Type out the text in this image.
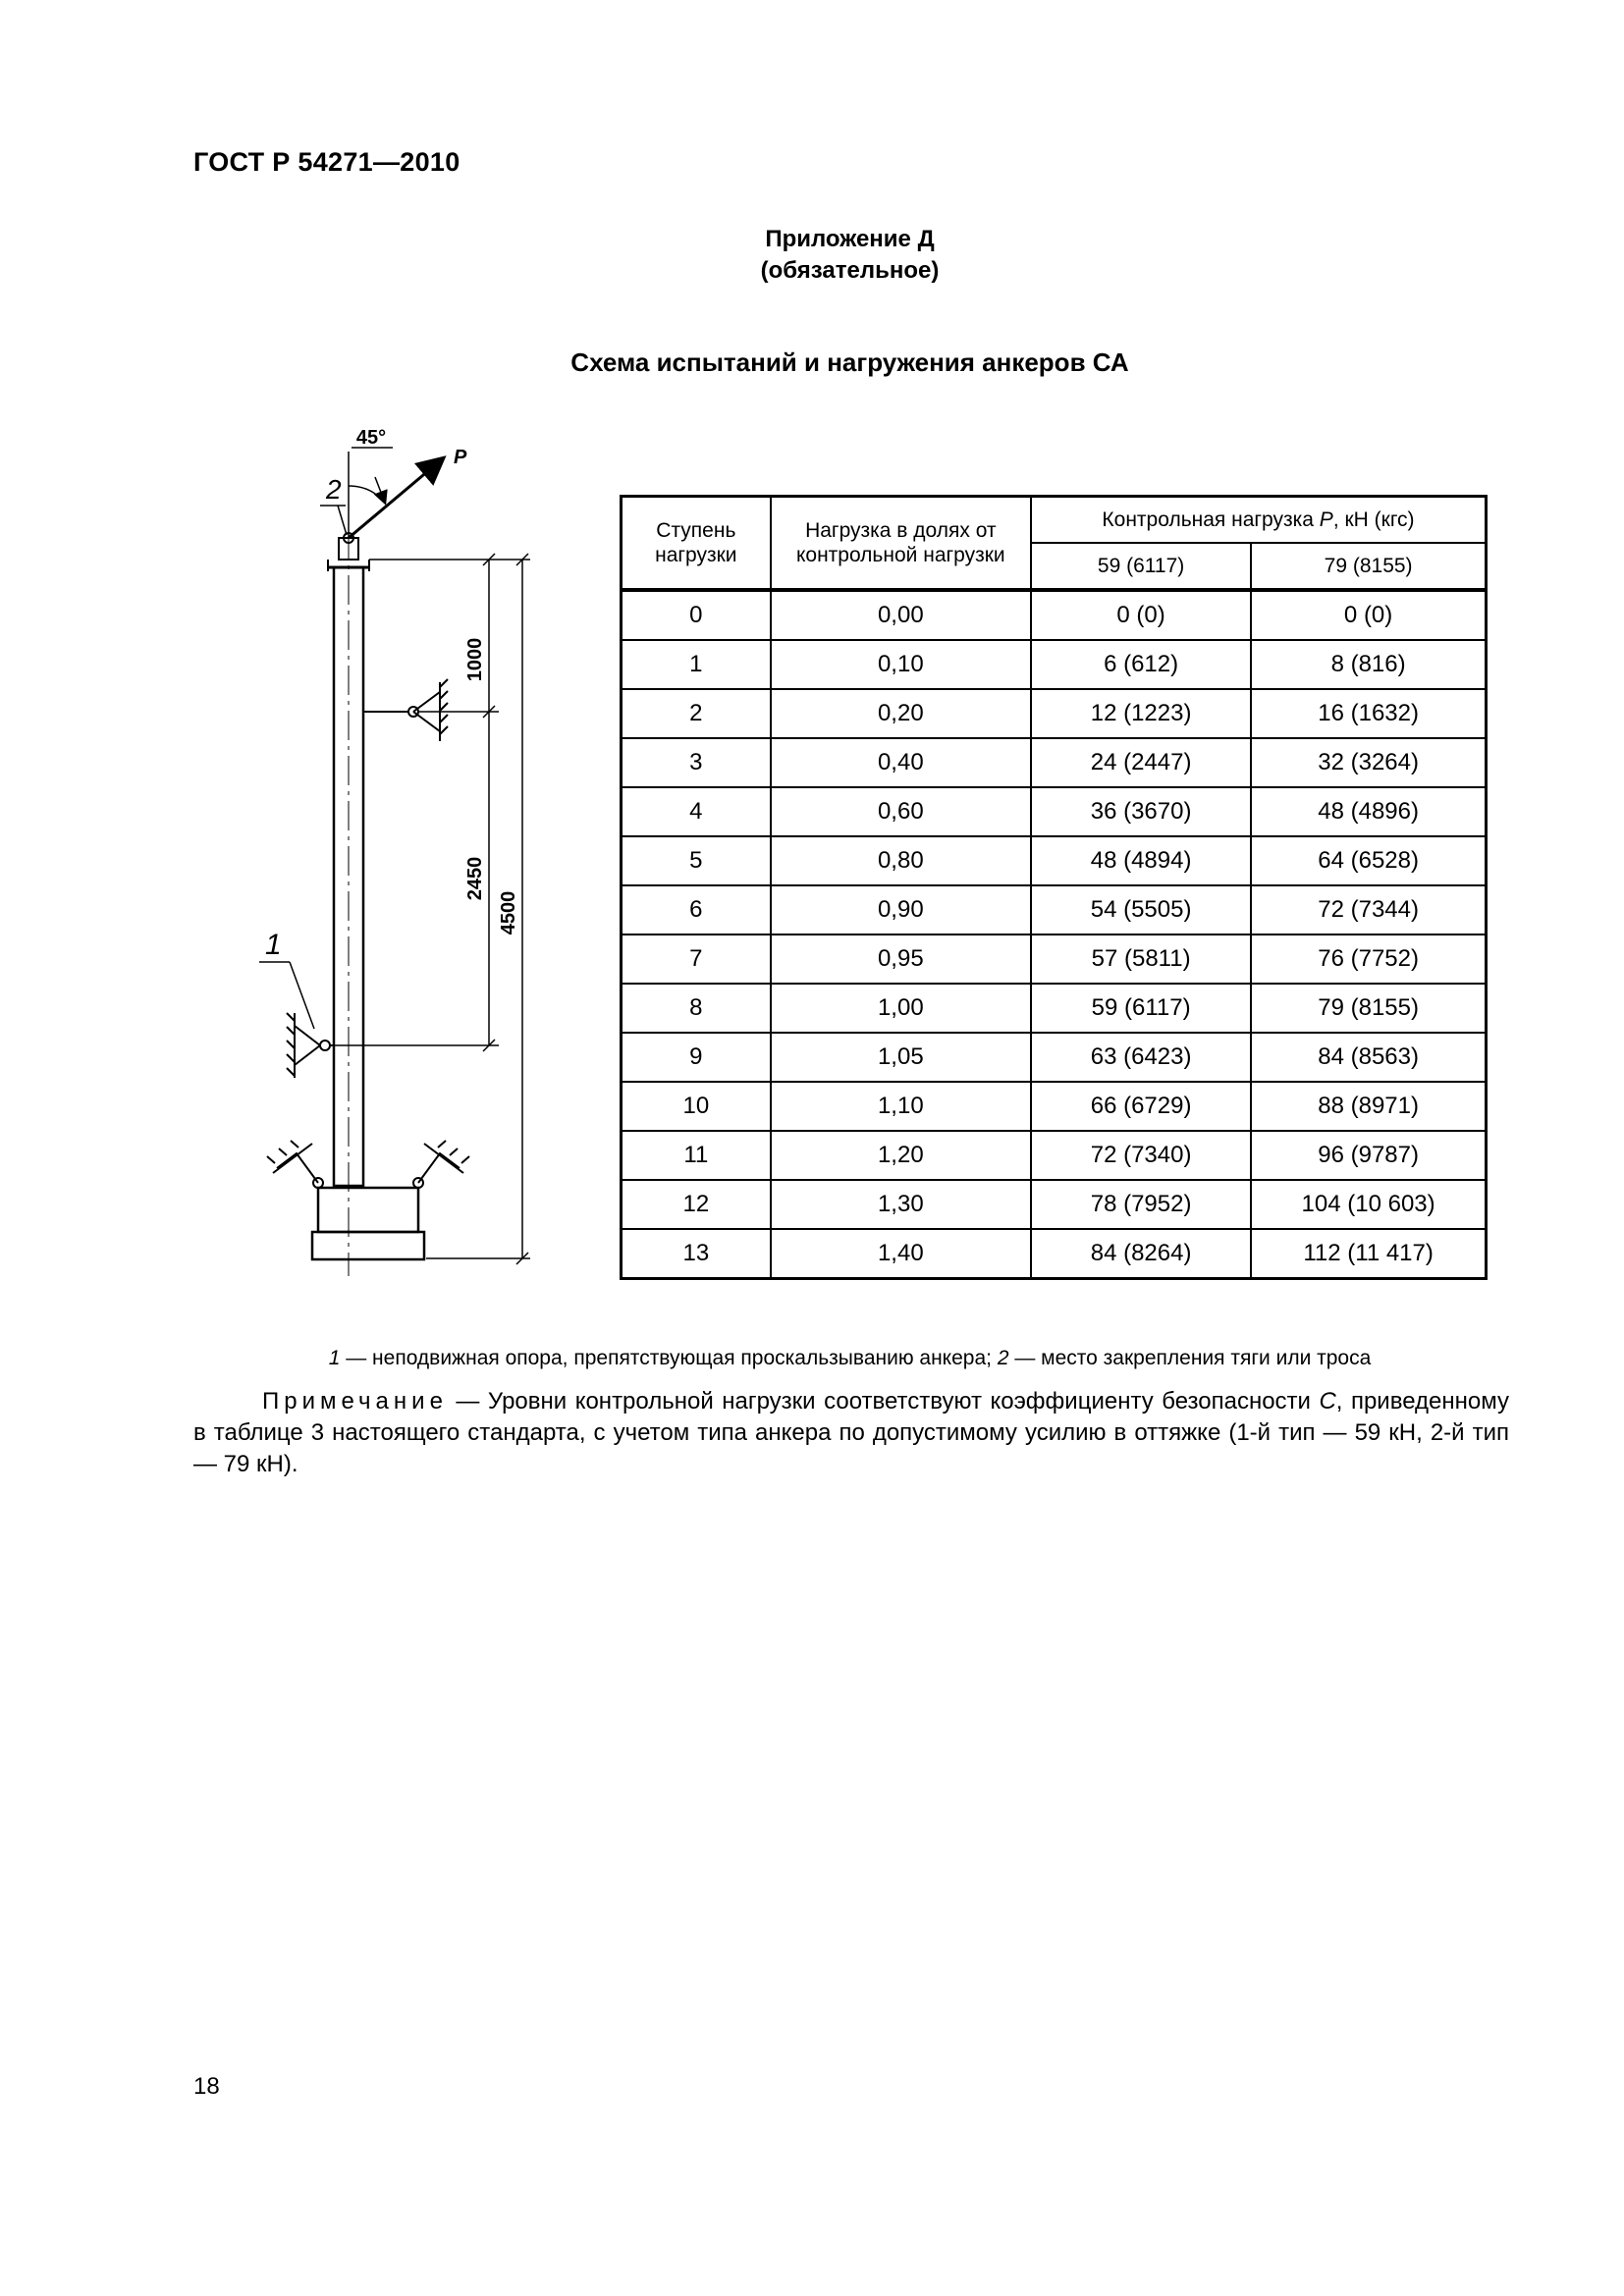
ГОСТ Р 54271—2010
Приложение Д
(обязательное)
Схема испытаний и нагружения анкеров СА
45°
P
2
1
1000
2450
4500
Ступень нагрузки	Нагрузка в долях от контрольной нагрузки	Контрольная нагрузка P, кН (кгс)	
		59 (6117)	79 (8155)
0	0,00	0 (0)	0 (0)
1	0,10	6 (612)	8 (816)
2	0,20	12 (1223)	16 (1632)
3	0,40	24 (2447)	32 (3264)
4	0,60	36 (3670)	48 (4896)
5	0,80	48 (4894)	64 (6528)
6	0,90	54 (5505)	72 (7344)
7	0,95	57 (5811)	76 (7752)
8	1,00	59 (6117)	79 (8155)
9	1,05	63 (6423)	84 (8563)
10	1,10	66 (6729)	88 (8971)
11	1,20	72 (7340)	96 (9787)
12	1,30	78 (7952)	104 (10 603)
13	1,40	84 (8264)	112 (11 417)
1 — неподвижная опора, препятствующая проскальзыванию анкера; 2 — место закрепления тяги или троса
Примечание — Уровни контрольной нагрузки соответствуют коэффициенту безопасности С, приведенному в таблице 3 настоящего стандарта, с учетом типа анкера по допустимому усилию в оттяжке (1-й тип — 59 кН, 2-й тип — 79 кН).
18
